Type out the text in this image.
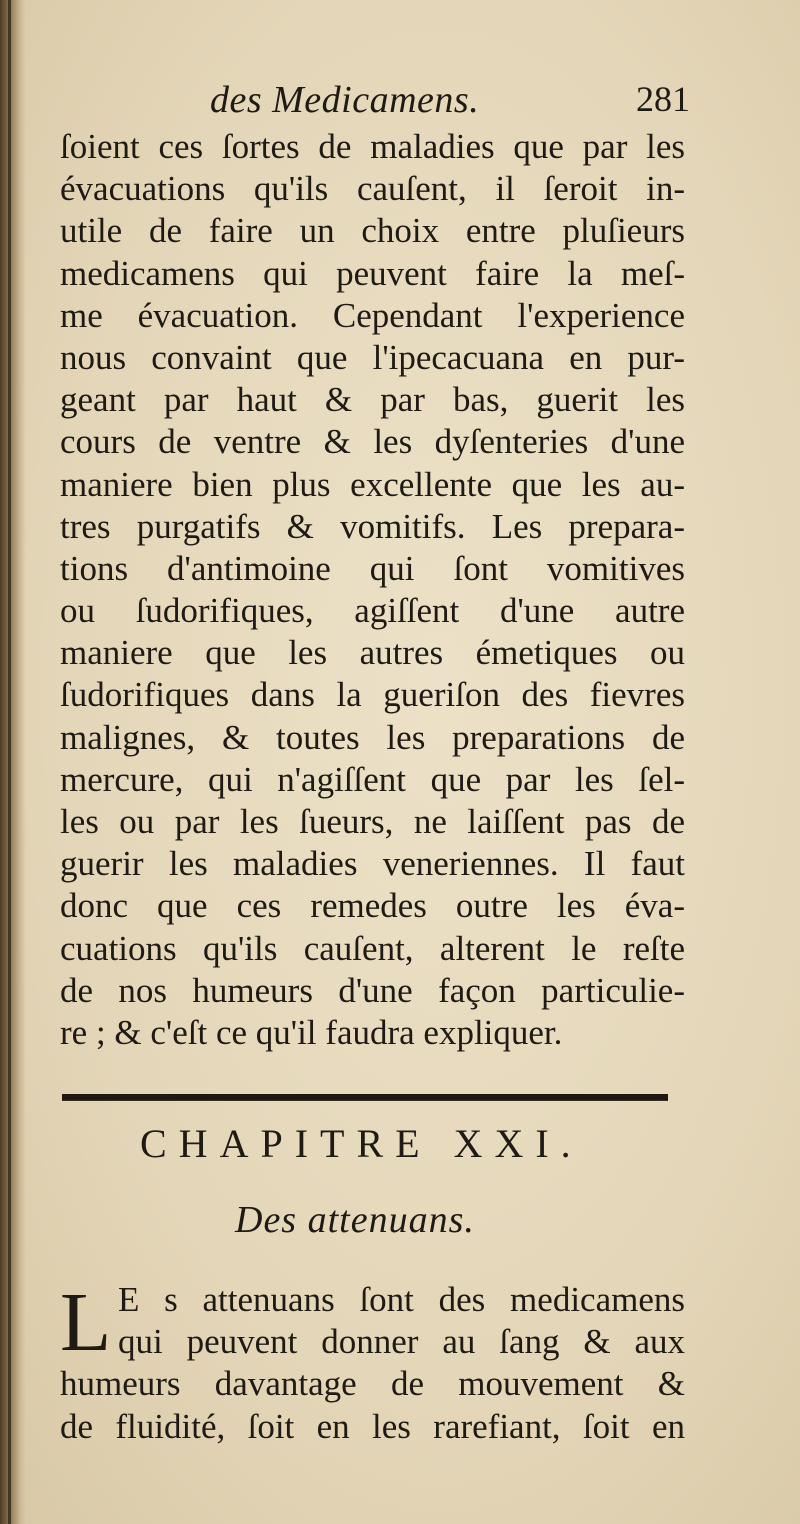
des Medicamens.	281
ſoient ces ſortes de maladies que par les
évacuations qu'ils cauſent, il ſeroit in-
utile de faire un choix entre pluſieurs
medicamens qui peuvent faire la meſ-
me évacuation. Cependant l'experience
nous convaint que l'ipecacuana en pur-
geant par haut & par bas, guerit les
cours de ventre & les dyſenteries d'une
maniere bien plus excellente que les au-
tres purgatifs & vomitifs. Les prepara-
tions d'antimoine qui ſont vomitives
ou ſudorifiques, agiſſent d'une autre
maniere que les autres émetiques ou
ſudorifiques dans la gueriſon des fievres
malignes, & toutes les preparations de
mercure, qui n'agiſſent que par les ſel-
les ou par les ſueurs, ne laiſſent pas de
guerir les maladies veneriennes. Il faut
donc que ces remedes outre les éva-
cuations qu'ils cauſent, alterent le reſte
de nos humeurs d'une façon particulie-
re ; & c'eſt ce qu'il faudra expliquer.
CHAPITRE XXI.
Des attenuans.
L E s attenuans ſont des medicamens
qui peuvent donner au ſang & aux
humeurs davantage de mouvement &
de fluidité, ſoit en les rarefiant, ſoit en
